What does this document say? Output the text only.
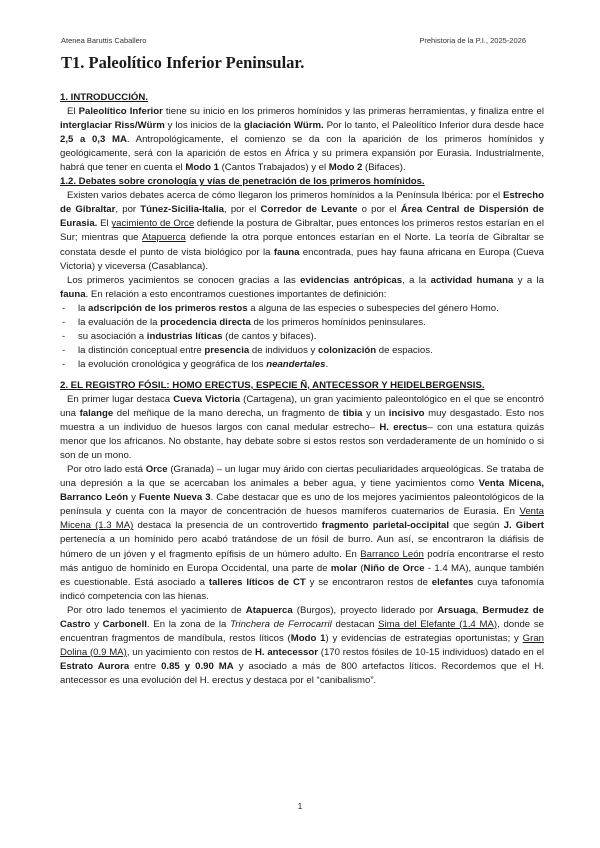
Atenea Baruttis Caballero	Prehistoria de la P.I., 2025-2026
T1. Paleolítico Inferior Peninsular.

1. INTRODUCCIÓN.

El Paleolítico Inferior tiene su inicio en los primeros homínidos y las primeras herramientas, y finaliza entre el interglaciar Riss/Würm y los inicios de la glaciación Würm. Por lo tanto, el Paleolítico Inferior dura desde hace 2,5 a 0,3 MA. Antropológicamente, el comienzo se da con la aparición de los primeros homínidos y geológicamente, será con la aparición de estos en África y su primera expansión por Eurasia. Industrialmente, habrá que tener en cuenta el Modo 1 (Cantos Trabajados) y el Modo 2 (Bifaces).

1.2. Debates sobre cronología y vías de penetración de los primeros homínidos.

Existen varios debates acerca de cómo llegaron los primeros homínidos a la Península Ibérica: por el Estrecho de Gibraltar, por Túnez-Sicilia-Italia, por el Corredor de Levante o por el Área Central de Dispersión de Eurasia. El yacimiento de Orce defiende la postura de Gibraltar, pues entonces los primeros restos estarían en el Sur; mientras que Atapuerca defiende la otra porque entonces estarían en el Norte. La teoría de Gibraltar se constata desde el punto de vista biológico por la fauna encontrada, pues hay fauna africana en Europa (Cueva Victoria) y viceversa (Casablanca).

Los primeros yacimientos se conocen gracias a las evidencias antrópicas, a la actividad humana y a la fauna. En relación a esto encontramos cuestiones importantes de definición:

- la adscripción de los primeros restos a alguna de las especies o subespecies del género Homo.
- la evaluación de la procedencia directa de los primeros homínidos peninsulares.
- su asociación a industrias líticas (de cantos y bifaces).
- la distinción conceptual entre presencia de individuos y colonización de espacios.
- la evolución cronológica y geográfica de los neandertales.

2. EL REGISTRO FÓSIL: HOMO ERECTUS, ESPECIE Ñ, ANTECESSOR Y HEIDELBERGENSIS.

En primer lugar destaca Cueva Victoria (Cartagena), un gran yacimiento paleontológico en el que se encontró una falange del meñique de la mano derecha, un fragmento de tibia y un incisivo muy desgastado. Esto nos muestra a un individuo de huesos largos con canal medular estrecho– H. erectus– con una estatura quizás menor que los africanos. No obstante, hay debate sobre si estos restos son verdaderamente de un homínido o si son de un mono.

Por otro lado está Orce (Granada) – un lugar muy árido con ciertas peculiaridades arqueológicas. Se trataba de una depresión a la que se acercaban los animales a beber agua, y tiene yacimientos como Venta Micena, Barranco León y Fuente Nueva 3. Cabe destacar que es uno de los mejores yacimientos paleontológicos de la península y cuenta con la mayor de concentración de huesos mamíferos cuaternarios de Eurasia. En Venta Micena (1.3 MA) destaca la presencia de un controvertido fragmento parietal-occipital que según J. Gibert pertenecía a un homínido pero acabó tratándose de un fósil de burro. Aun así, se encontraron la diáfisis de húmero de un jóven y el fragmento epífisis de un húmero adulto. En Barranco León podría encontrarse el resto más antiguo de homínido en Europa Occidental, una parte de molar (Niño de Orce - 1.4 MA), aunque también es cuestionable. Está asociado a talleres líticos de CT y se encontraron restos de elefantes cuya tafonomía indicó competencia con las hienas.

Por otro lado tenemos el yacimiento de Atapuerca (Burgos), proyecto liderado por Arsuaga, Bermudez de Castro y Carbonell. En la zona de la Trinchera de Ferrocarril destacan Sima del Elefante (1.4 MA), donde se encuentran fragmentos de mandíbula, restos líticos (Modo 1) y evidencias de estrategias oportunistas; y Gran Dolina (0.9 MA), un yacimiento con restos de H. antecessor (170 restos fósiles de 10-15 individuos) datado en el Estrato Aurora entre 0.85 y 0.90 MA y asociado a más de 800 artefactos líticos. Recordemos que el H. antecessor es una evolución del H. erectus y destaca por el “canibalismo”.

1
